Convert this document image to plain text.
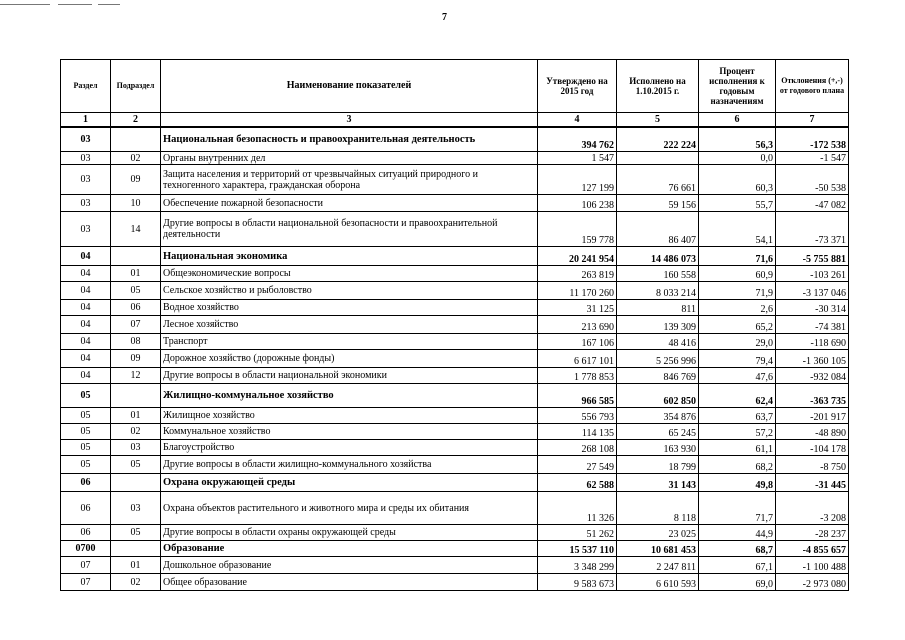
7
Раздел	Подраздел	Наименование показателей	Утверждено на 2015 год	Исполнено на 1.10.2015 г.	Процент исполнения к годовым назначениям	Отклонения (+,-) от годового плана
1	2	3	4	5	6	7
03		Национальная безопасность и правоохранительная деятельность	394 762	222 224	56,3	-172 538
03	02	Органы внутренних дел	1 547		0,0	-1 547
03	09	Защита населения и территорий от чрезвычайных ситуаций природного и техногенного характера, гражданская оборона	127 199	76 661	60,3	-50 538
03	10	Обеспечение пожарной безопасности	106 238	59 156	55,7	-47 082
03	14	Другие вопросы в области национальной безопасности и правоохранительной деятельности	159 778	86 407	54,1	-73 371
04		Национальная экономика	20 241 954	14 486 073	71,6	-5 755 881
04	01	Общеэкономические вопросы	263 819	160 558	60,9	-103 261
04	05	Сельское хозяйство и рыболовство	11 170 260	8 033 214	71,9	-3 137 046
04	06	Водное хозяйство	31 125	811	2,6	-30 314
04	07	Лесное хозяйство	213 690	139 309	65,2	-74 381
04	08	Транспорт	167 106	48 416	29,0	-118 690
04	09	Дорожное хозяйство (дорожные фонды)	6 617 101	5 256 996	79,4	-1 360 105
04	12	Другие вопросы в области национальной экономики	1 778 853	846 769	47,6	-932 084
05		Жилищно-коммунальное хозяйство	966 585	602 850	62,4	-363 735
05	01	Жилищное хозяйство	556 793	354 876	63,7	-201 917
05	02	Коммунальное хозяйство	114 135	65 245	57,2	-48 890
05	03	Благоустройство	268 108	163 930	61,1	-104 178
05	05	Другие вопросы в области жилищно-коммунального хозяйства	27 549	18 799	68,2	-8 750
06		Охрана окружающей среды	62 588	31 143	49,8	-31 445
06	03	Охрана объектов растительного и животного мира и среды их обитания	11 326	8 118	71,7	-3 208
06	05	Другие вопросы в области охраны окружающей среды	51 262	23 025	44,9	-28 237
0700		Образование	15 537 110	10 681 453	68,7	-4 855 657
07	01	Дошкольное образование	3 348 299	2 247 811	67,1	-1 100 488
07	02	Общее образование	9 583 673	6 610 593	69,0	-2 973 080
